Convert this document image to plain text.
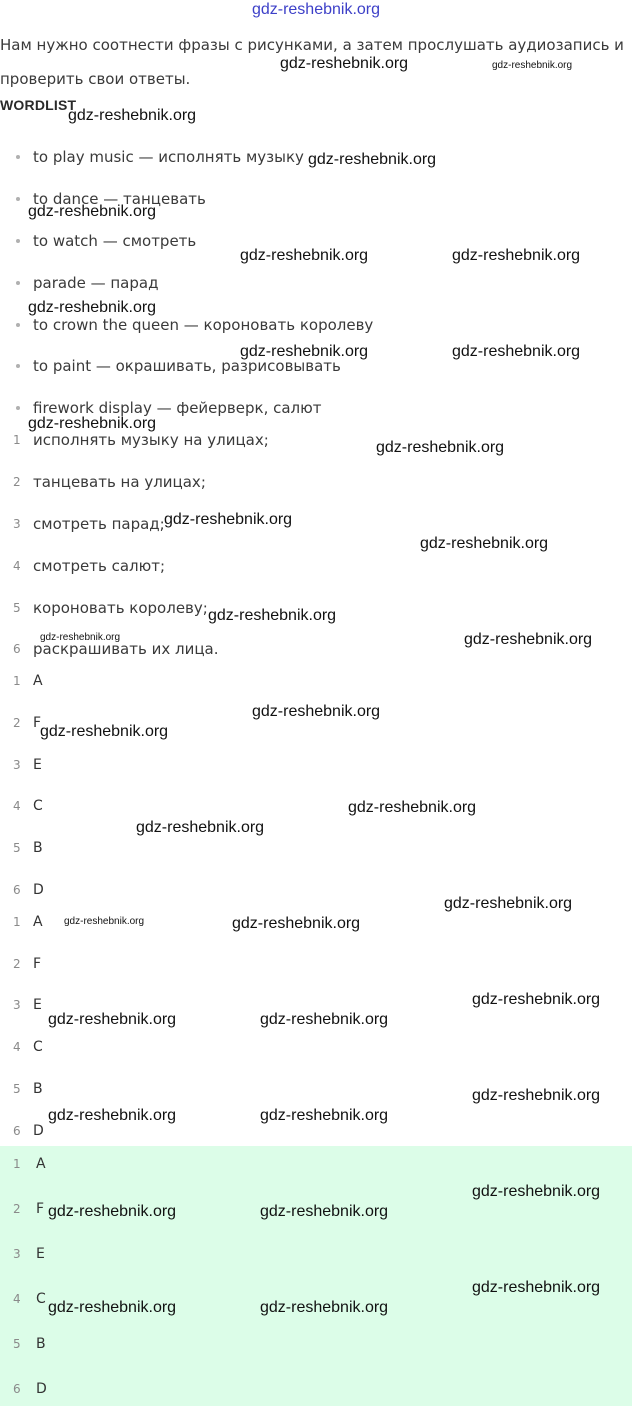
gdz-reshebnik.org
Нам нужно соотнести фразы с рисунками, а затем прослушать аудиозапись и проверить свои ответы.
WORDLIST
to play music — исполнять музыку
to dance — танцевать
to watch — смотреть
parade — парад
to crown the queen — короновать королеву
to paint — окрашивать, разрисовывать
firework display — фейерверк, салют
1 исполнять музыку на улицах;
2 танцевать на улицах;
3 смотреть парад;
4 смотреть салют;
5 короновать королеву;
6 раскрашивать их лица.
1 A
2 F
3 E
4 C
5 B
6 D
1 A
2 F
3 E
4 C
5 B
6 D
1	A
2	F
3	E
4	C
5	B
6	D
gdz-reshebnik.org	gdz-reshebnik.org
gdz-reshebnik.org
gdz-reshebnik.org
gdz-reshebnik.org
gdz-reshebnik.org	gdz-reshebnik.org
gdz-reshebnik.org
gdz-reshebnik.org	gdz-reshebnik.org
gdz-reshebnik.org
gdz-reshebnik.org
gdz-reshebnik.org
gdz-reshebnik.org
gdz-reshebnik.org
gdz-reshebnik.org	gdz-reshebnik.org
gdz-reshebnik.org
gdz-reshebnik.org
gdz-reshebnik.org
gdz-reshebnik.org
gdz-reshebnik.org
gdz-reshebnik.org	gdz-reshebnik.org
gdz-reshebnik.org
gdz-reshebnik.org	gdz-reshebnik.org
gdz-reshebnik.org
gdz-reshebnik.org	gdz-reshebnik.org
gdz-reshebnik.org
gdz-reshebnik.org	gdz-reshebnik.org
gdz-reshebnik.org
gdz-reshebnik.org	gdz-reshebnik.org
